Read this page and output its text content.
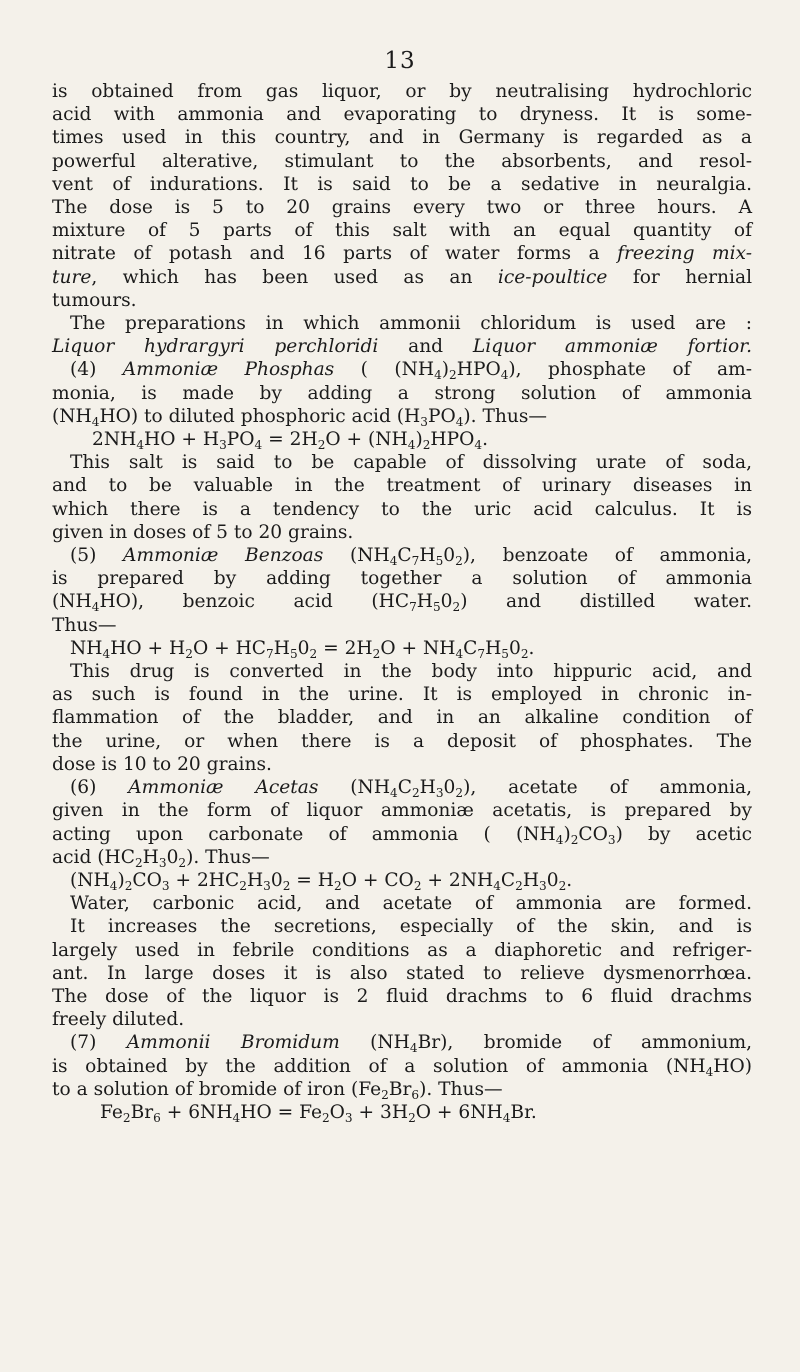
13
is obtained from gas liquor, or by neutralising hydrochloric
acid with ammonia and evaporating to dryness. It is some-
times used in this country, and in Germany is regarded as a
powerful alterative, stimulant to the absorbents, and resol-
vent of indurations. It is said to be a sedative in neuralgia.
The dose is 5 to 20 grains every two or three hours. A
mixture of 5 parts of this salt with an equal quantity of
nitrate of potash and 16 parts of water forms a freezing mix-
ture, which has been used as an ice-poultice for hernial
tumours.
The preparations in which ammonii chloridum is used are :
Liquor hydrargyri perchloridi and Liquor ammoniæ fortior.
(4) Ammoniæ Phosphas ( $(NH_4)_2HPO_4$), phosphate of am-
monia, is made by adding a strong solution of ammonia
$(NH_4HO)$ to diluted phosphoric acid $(H_3PO_4)$. Thus—
$2NH_4HO + H_3PO_4 = 2H_2O + (NH_4)_2HPO_4$.
This salt is said to be capable of dissolving urate of soda,
and to be valuable in the treatment of urinary diseases in
which there is a tendency to the uric acid calculus. It is
given in doses of 5 to 20 grains.
(5) Ammoniæ Benzoas $(NH_4C_7H_50_2)$, benzoate of ammonia,
is prepared by adding together a solution of ammonia
$(NH_4HO)$, benzoic acid $(HC_7H_50_2)$ and distilled water.
Thus—
$NH_4HO + H_2O + HC_7H_50_2 = 2H_2O + NH_4C_7H_50_2$.
This drug is converted in the body into hippuric acid, and
as such is found in the urine. It is employed in chronic in-
flammation of the bladder, and in an alkaline condition of
the urine, or when there is a deposit of phosphates. The
dose is 10 to 20 grains.
(6) Ammoniæ Acetas $(NH_4C_2H_30_2)$, acetate of ammonia,
given in the form of liquor ammoniæ acetatis, is prepared by
acting upon carbonate of ammonia ( $(NH_4)_2CO_3$) by acetic
acid $(HC_2H_30_2)$. Thus—
$(NH_4)_2CO_3 + 2HC_2H_30_2 = H_2O + CO_2 + 2NH_4C_2H_30_2$.
Water, carbonic acid, and acetate of ammonia are formed.
It increases the secretions, especially of the skin, and is
largely used in febrile conditions as a diaphoretic and refriger-
ant. In large doses it is also stated to relieve dysmenorrhœa.
The dose of the liquor is 2 fluid drachms to 6 fluid drachms
freely diluted.
(7) Ammonii Bromidum $(NH_4Br)$, bromide of ammonium,
is obtained by the addition of a solution of ammonia $(NH_4HO)$
to a solution of bromide of iron $(Fe_2Br_6)$. Thus—
$Fe_2Br_6 + 6NH_4HO = Fe_2O_3 + 3H_2O + 6NH_4Br$.
